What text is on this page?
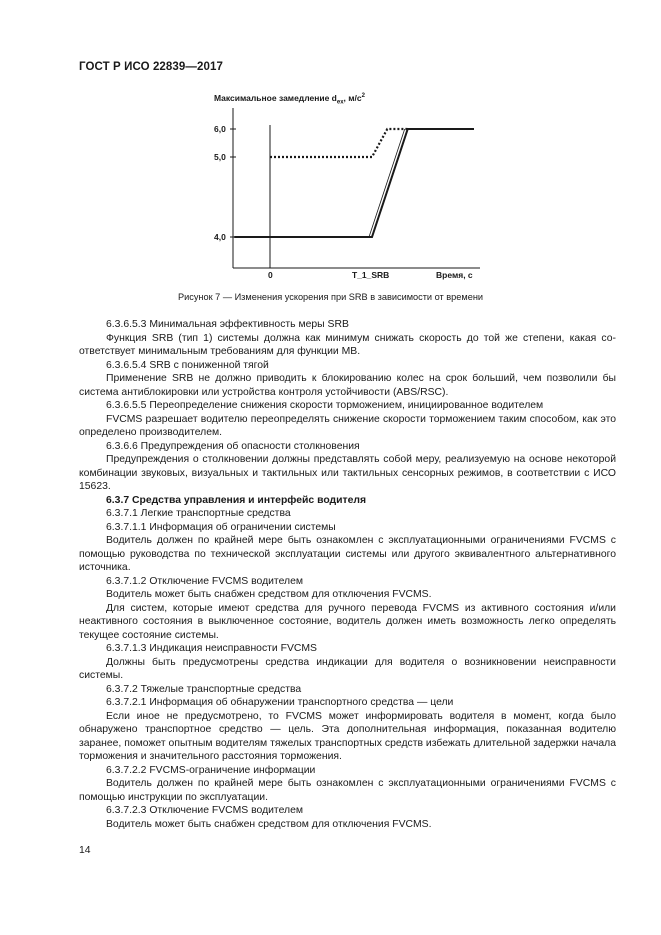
ГОСТ Р ИСО 22839—2017
Максимальное замедление $d_{ex}$, $м/с^2$
6,0
5,0
4,0
0	T_1_SRB	Время, с
Рисунок 7 — Изменения ускорения при SRB в зависимости от времени

6.3.6.5.3 Минимальная эффективность меры SRB

Функция SRB (тип 1) системы должна как минимум снижать скорость до той же степени, какая соответствует минимальным требованиям для функции МВ.

6.3.6.5.4 SRB с пониженной тягой

Применение SRB не должно приводить к блокированию колес на срок больший, чем позволили бы система антиблокировки или устройства контроля устойчивости (ABS/RSC).

6.3.6.5.5 Переопределение снижения скорости торможением, инициированное водителем

FVCMS разрешает водителю переопределять снижение скорости торможением таким способом, как это определено производителем.

6.3.6.6 Предупреждения об опасности столкновения

Предупреждения о столкновении должны представлять собой меру, реализуемую на основе некоторой комбинации звуковых, визуальных и тактильных или тактильных сенсорных режимов, в соответствии с ИСО 15623.

6.3.7 Средства управления и интерфейс водителя

6.3.7.1 Легкие транспортные средства

6.3.7.1.1 Информация об ограничении системы

Водитель должен по крайней мере быть ознакомлен с эксплуатационными ограничениями FVCMS с помощью руководства по технической эксплуатации системы или другого эквивалентного альтернативного источника.

6.3.7.1.2 Отключение FVCMS водителем

Водитель может быть снабжен средством для отключения FVCMS.

Для систем, которые имеют средства для ручного перевода FVCMS из активного состояния и/или неактивного состояния в выключенное состояние, водитель должен иметь возможность легко определять текущее состояние системы.

6.3.7.1.3 Индикация неисправности FVCMS

Должны быть предусмотрены средства индикации для водителя о возникновении неисправности системы.

6.3.7.2 Тяжелые транспортные средства

6.3.7.2.1 Информация об обнаружении транспортного средства — цели

Если иное не предусмотрено, то FVCMS может информировать водителя в момент, когда было обнаружено транспортное средство — цель. Эта дополнительная информация, показанная водителю заранее, поможет опытным водителям тяжелых транспортных средств избежать длительной задержки начала торможения и значительного расстояния торможения.

6.3.7.2.2 FVCMS-ограничение информации

Водитель должен по крайней мере быть ознакомлен с эксплуатационными ограничениями FVCMS с помощью инструкции по эксплуатации.

6.3.7.2.3 Отключение FVCMS водителем

Водитель может быть снабжен средством для отключения FVCMS.

14
